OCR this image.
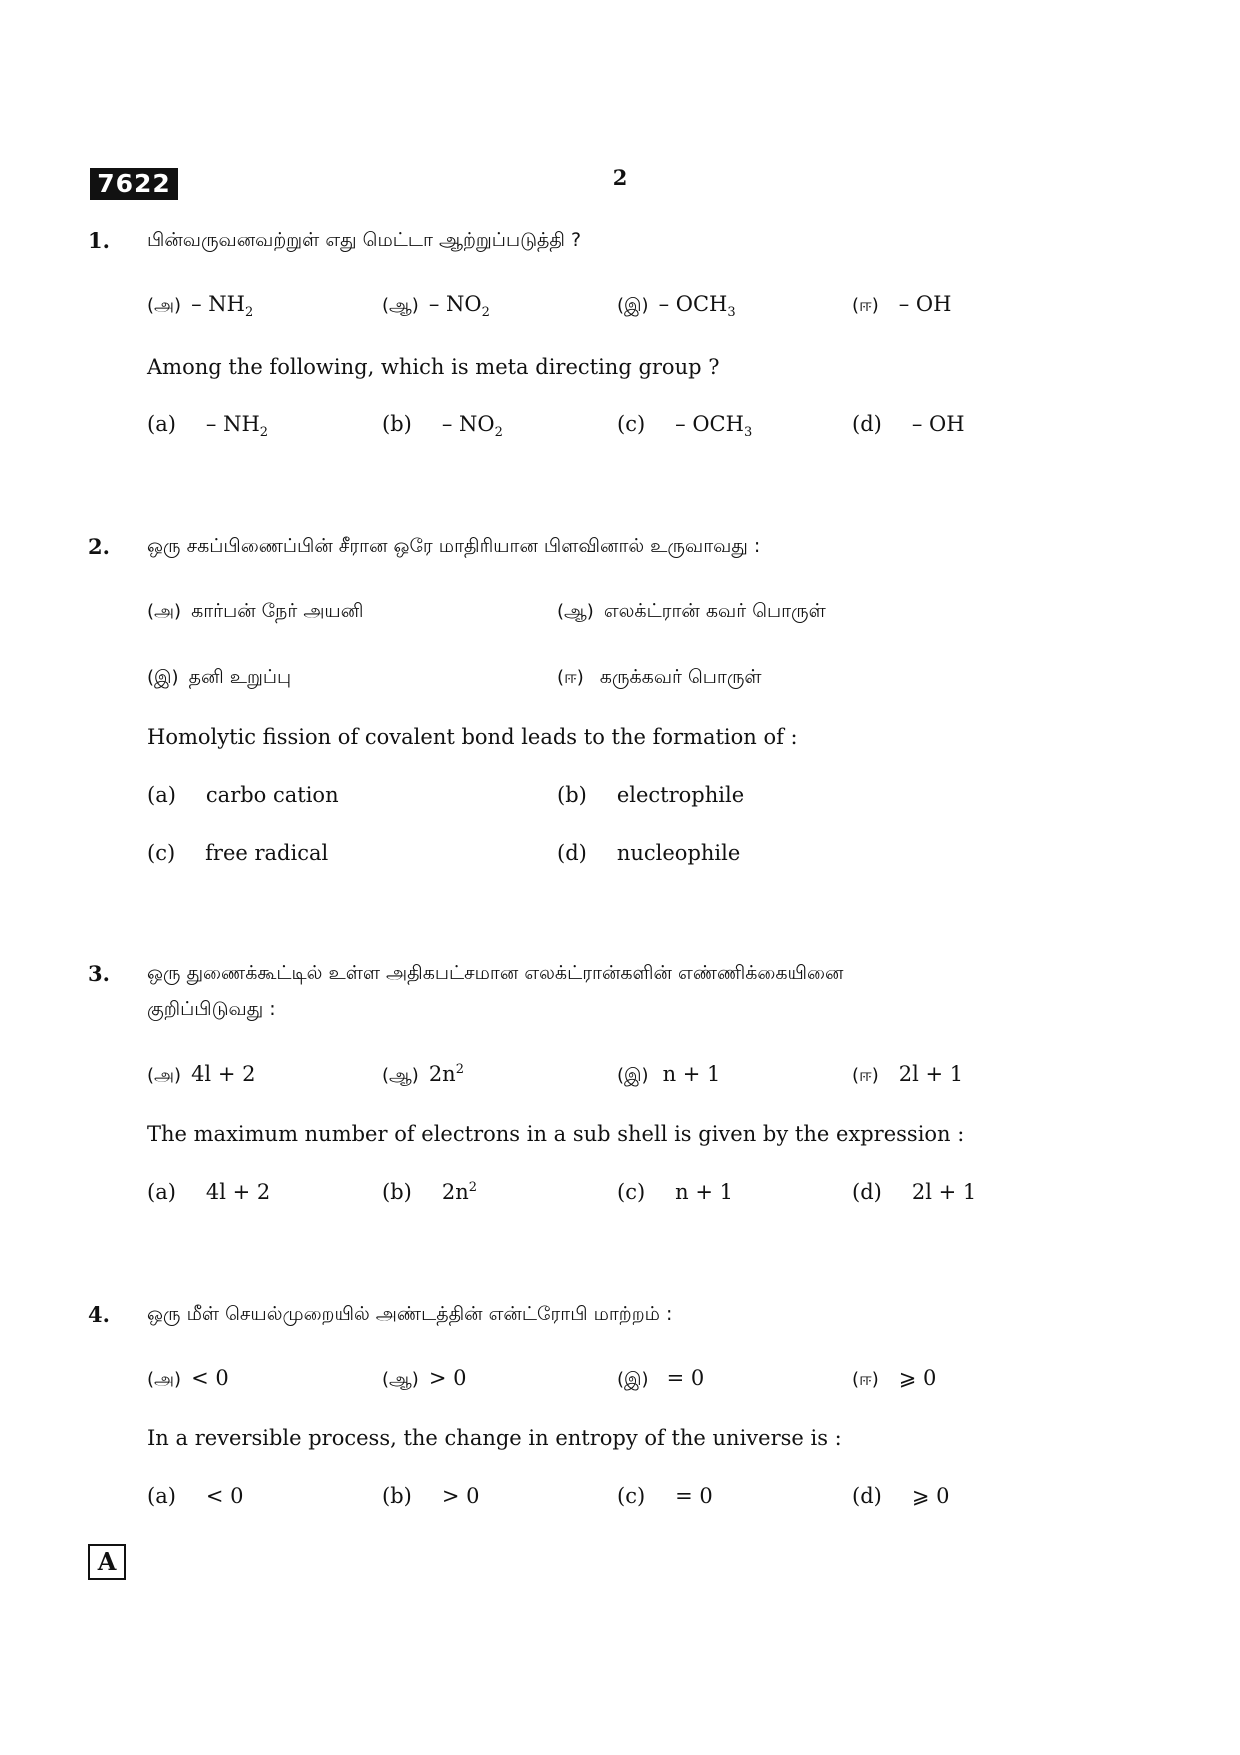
7622	2
1. பின்வருவனவற்றுள் எது மெட்டா ஆற்றுப்படுத்தி ?
(அ) – $NH_2$	(ஆ) – $NO_2$	(இ) – $OCH_3$	(ஈ) – OH
Among the following, which is meta directing group ?
$(a) - NH_2$	$(b) - NO_2$	$(c) - OCH_3$	(d) – OH
2. ஒரு சகப்பிணைப்பின் சீரான ஒரே மாதிரியான பிளவினால் உருவாவது :
(அ) கார்பன் நேர் அயனி	(ஆ) எலக்ட்ரான் கவர் பொருள்
(இ) தனி உறுப்பு	(ஈ) கருக்கவர் பொருள்
Homolytic fission of covalent bond leads to the formation of :
(a) carbo cation	(b) electrophile
(c) free radical	(d) nucleophile
3. ஒரு துணைக்கூட்டில் உள்ள அதிகபட்சமான எலக்ட்ரான்களின் எண்ணிக்கையினை
குறிப்பிடுவது :
(அ) 4l + 2	(ஆ) $2n^2$	(இ) n + 1	(ஈ) 2l + 1
The maximum number of electrons in a sub shell is given by the expression :
(a) 4l + 2	(b) $2n^2$	(c) n + 1	(d) 2l + 1
4. ஒரு மீள் செயல்முறையில் அண்டத்தின் என்ட்ரோபி மாற்றம் :
(அ) < 0	(ஆ) > 0	(இ) = 0	(ஈ) ⩾ 0
In a reversible process, the change in entropy of the universe is :
(a) < 0	(b) > 0	(c) = 0	(d) ⩾ 0
A
